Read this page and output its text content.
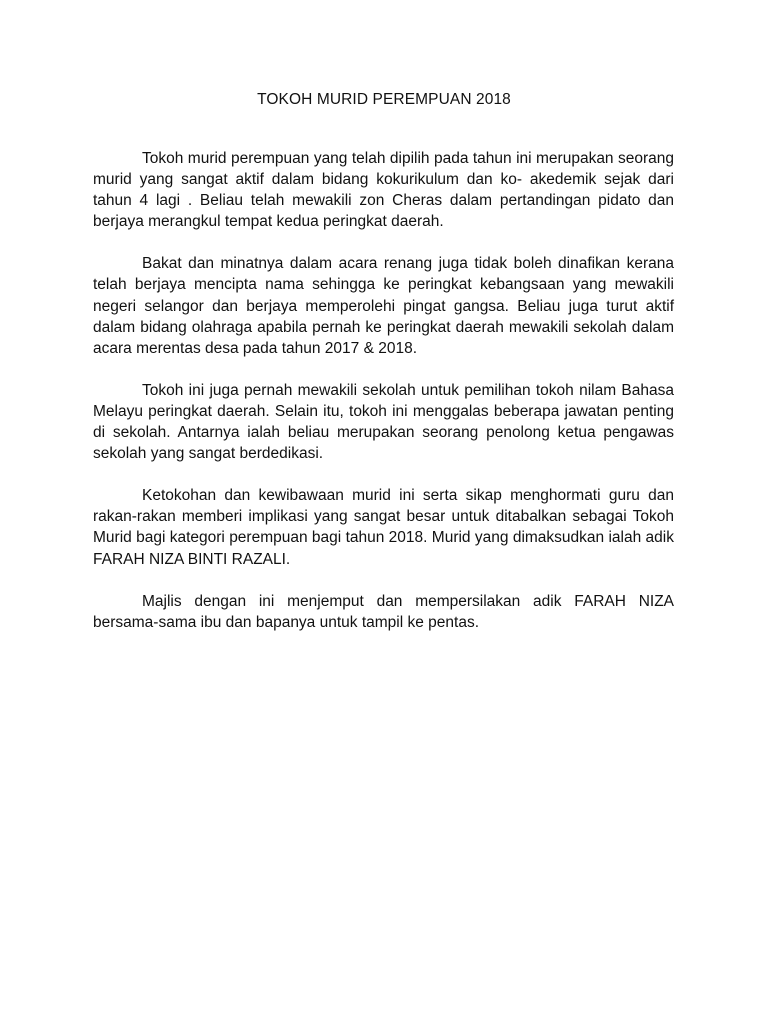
TOKOH MURID PEREMPUAN 2018

Tokoh murid perempuan yang telah dipilih pada tahun ini merupakan seorang murid yang sangat aktif dalam bidang kokurikulum dan ko- akedemik sejak dari tahun 4 lagi . Beliau telah mewakili zon Cheras dalam pertandingan pidato dan berjaya merangkul tempat kedua peringkat daerah.

Bakat dan minatnya dalam acara renang juga tidak boleh dinafikan kerana telah berjaya mencipta nama sehingga ke peringkat kebangsaan yang mewakili negeri selangor dan berjaya memperolehi pingat gangsa. Beliau juga turut aktif dalam bidang olahraga apabila pernah ke peringkat daerah mewakili sekolah dalam acara merentas desa pada tahun 2017 & 2018.

Tokoh ini juga pernah mewakili sekolah untuk pemilihan tokoh nilam Bahasa Melayu peringkat daerah. Selain itu, tokoh ini menggalas beberapa jawatan penting di sekolah. Antarnya ialah beliau merupakan seorang penolong ketua pengawas sekolah yang sangat berdedikasi.

Ketokohan dan kewibawaan murid ini serta sikap menghormati guru dan rakan-rakan memberi implikasi yang sangat besar untuk ditabalkan sebagai Tokoh Murid bagi kategori perempuan bagi tahun 2018. Murid yang dimaksudkan ialah adik FARAH NIZA BINTI RAZALI.

Majlis dengan ini menjemput dan mempersilakan adik FARAH NIZA bersama-sama ibu dan bapanya untuk tampil ke pentas.
